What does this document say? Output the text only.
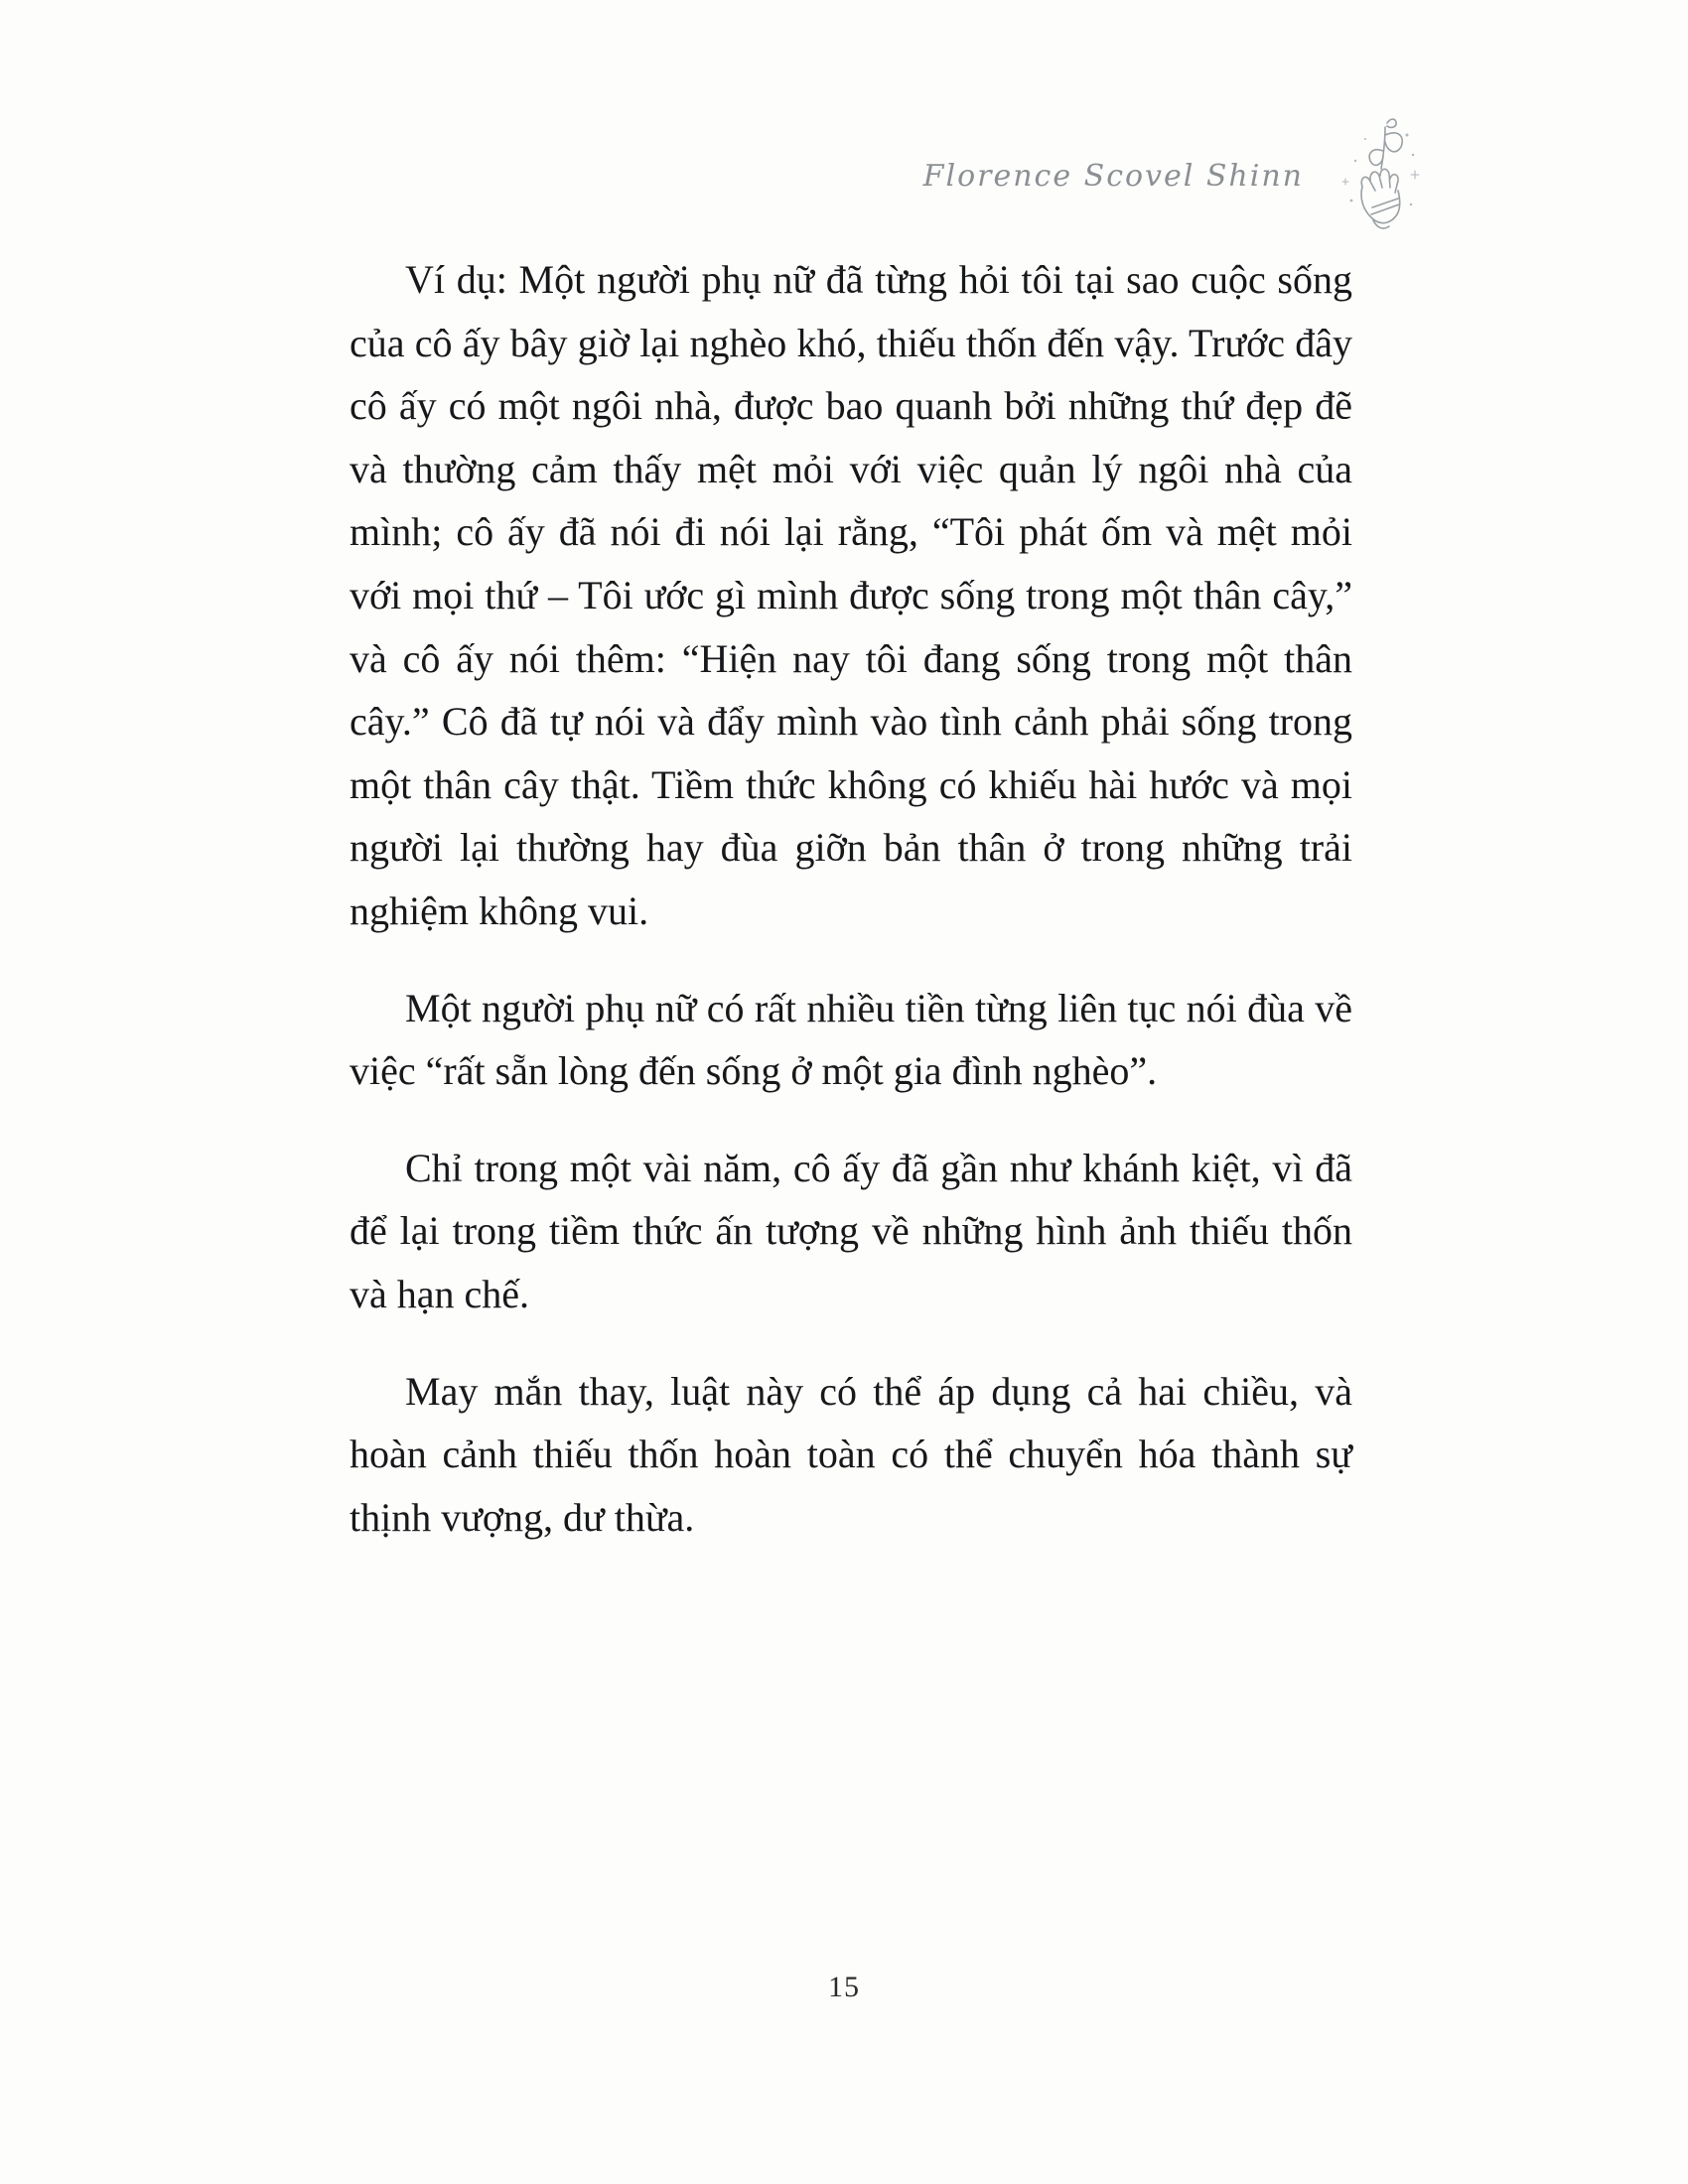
Florence Scovel Shinn

Ví dụ: Một người phụ nữ đã từng hỏi tôi tại sao cuộc sống của cô ấy bây giờ lại nghèo khó, thiếu thốn đến vậy. Trước đây cô ấy có một ngôi nhà, được bao quanh bởi những thứ đẹp đẽ và thường cảm thấy mệt mỏi với việc quản lý ngôi nhà của mình; cô ấy đã nói đi nói lại rằng, “Tôi phát ốm và mệt mỏi với mọi thứ – Tôi ước gì mình được sống trong một thân cây,” và cô ấy nói thêm: “Hiện nay tôi đang sống trong một thân cây.” Cô đã tự nói và đẩy mình vào tình cảnh phải sống trong một thân cây thật. Tiềm thức không có khiếu hài hước và mọi người lại thường hay đùa giỡn bản thân ở trong những trải nghiệm không vui.

Một người phụ nữ có rất nhiều tiền từng liên tục nói đùa về việc “rất sẵn lòng đến sống ở một gia đình nghèo”.

Chỉ trong một vài năm, cô ấy đã gần như khánh kiệt, vì đã để lại trong tiềm thức ấn tượng về những hình ảnh thiếu thốn và hạn chế.

May mắn thay, luật này có thể áp dụng cả hai chiều, và hoàn cảnh thiếu thốn hoàn toàn có thể chuyển hóa thành sự thịnh vượng, dư thừa.

15
